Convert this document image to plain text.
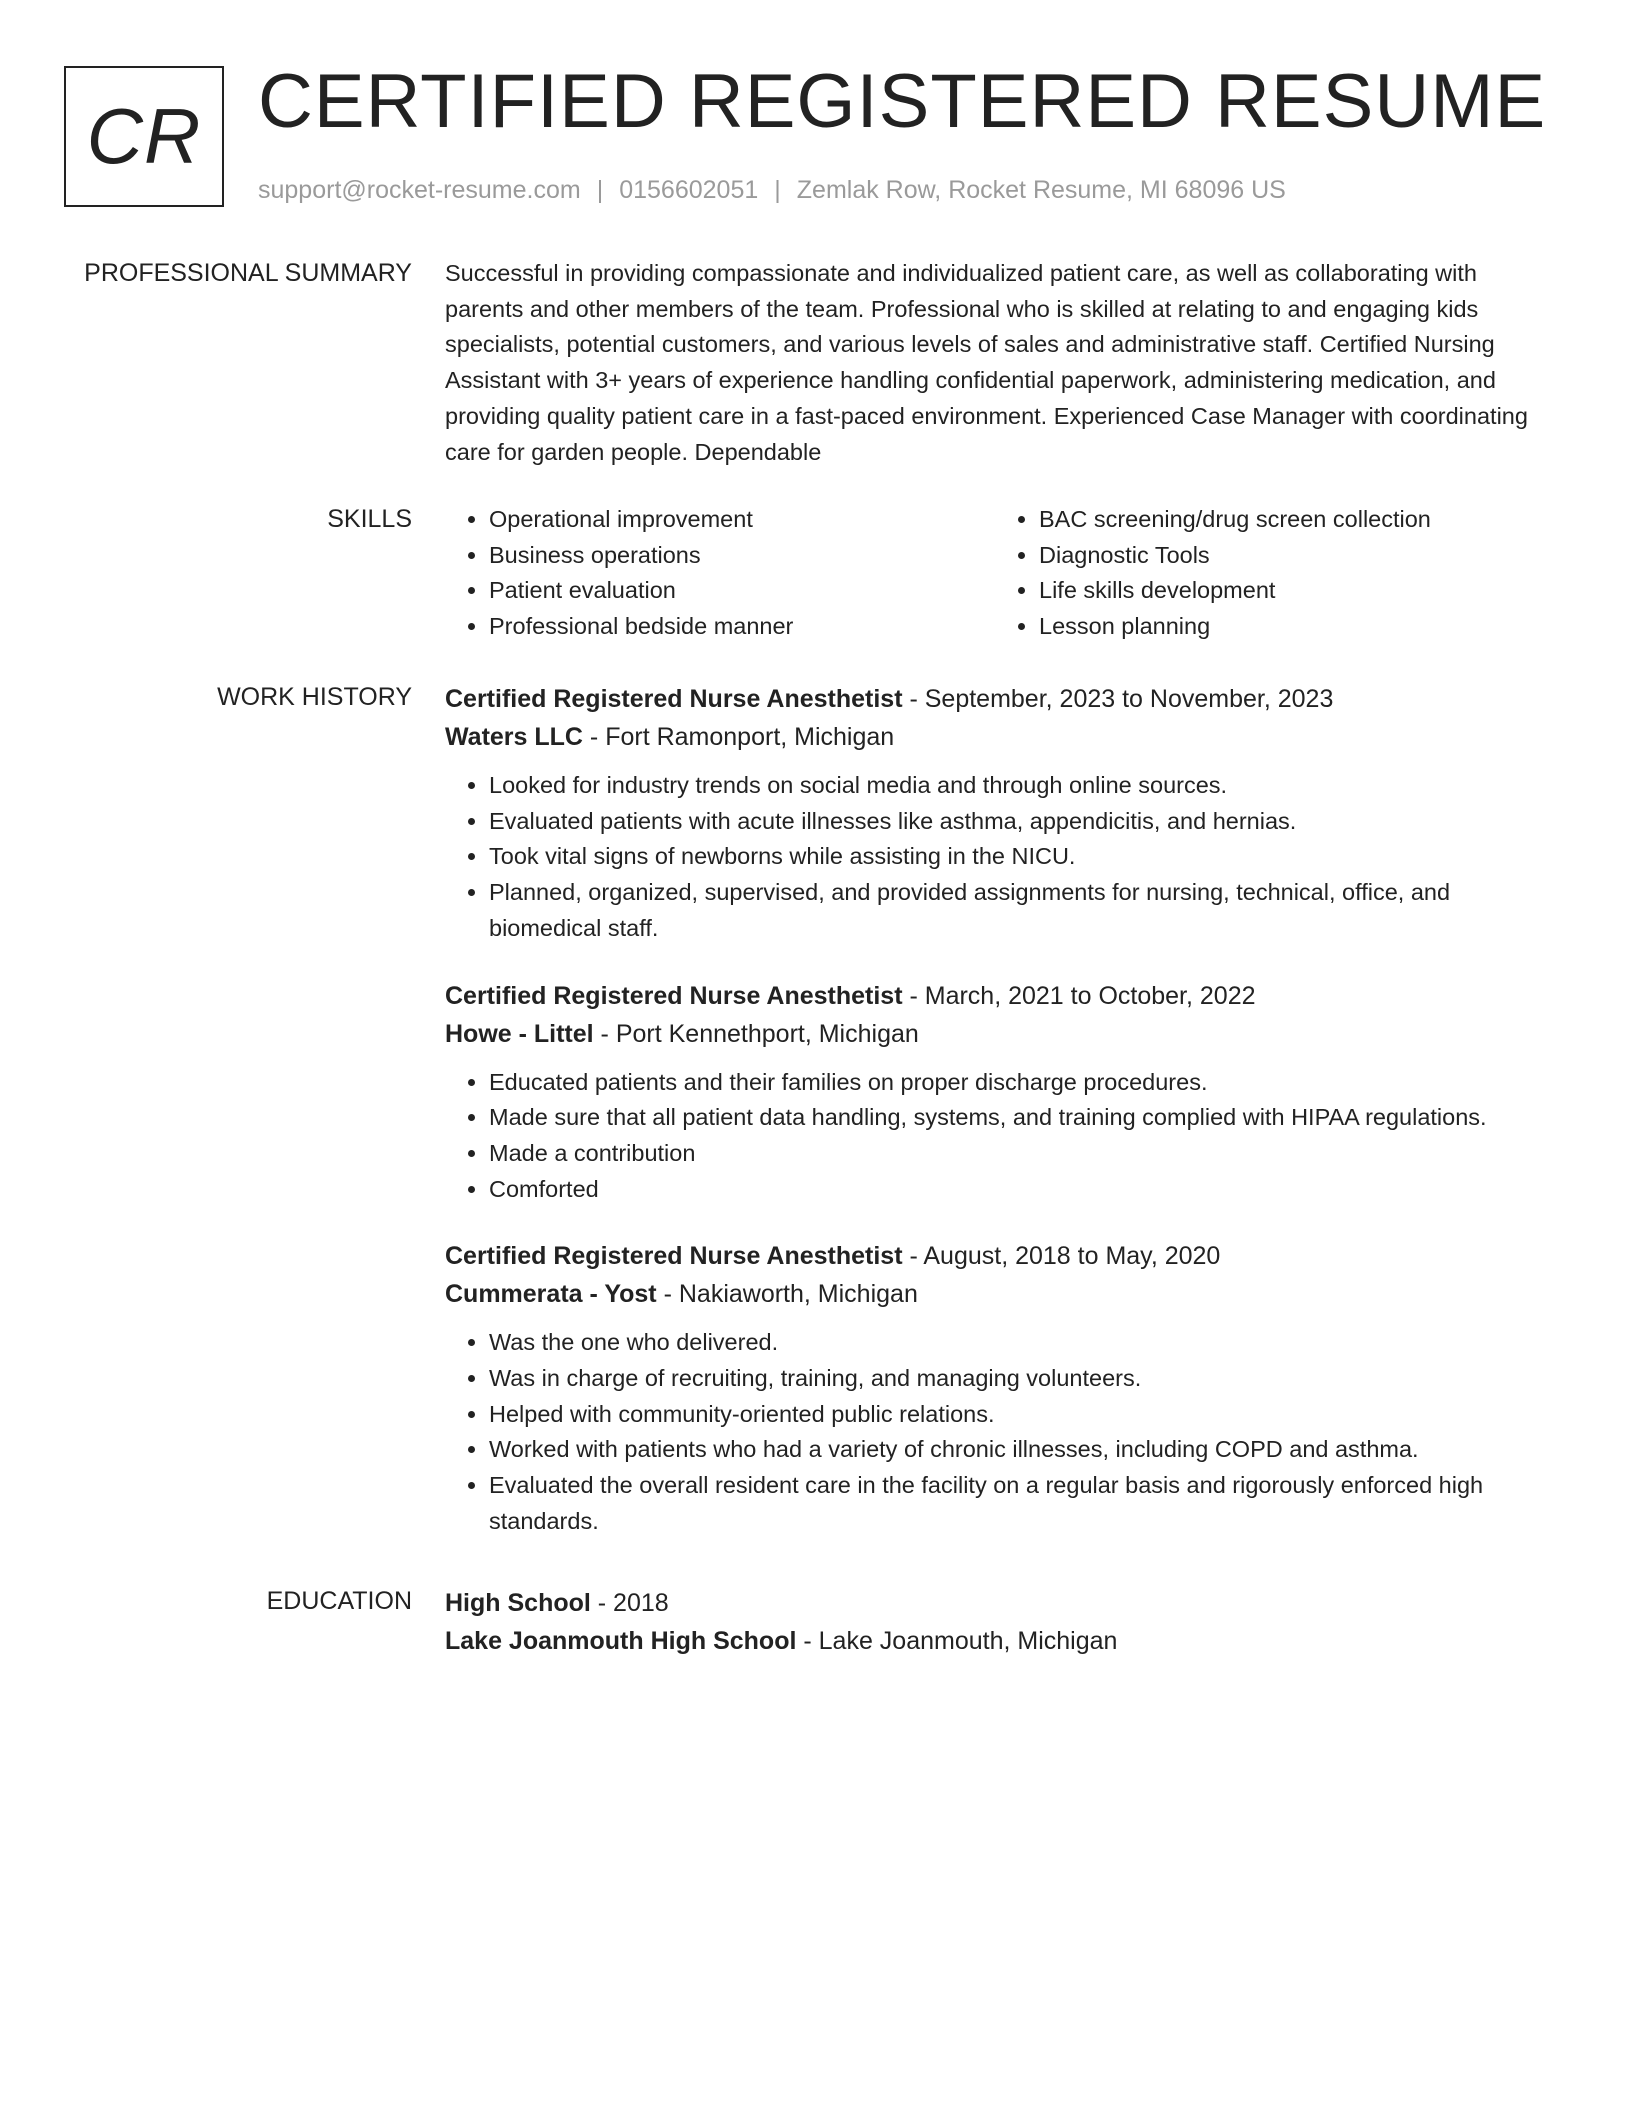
CR CERTIFIED REGISTERED RESUME
support@rocket-resume.com | 0156602051 | Zemlak Row, Rocket Resume, MI 68096 US
PROFESSIONAL SUMMARY Successful in providing compassionate and individualized patient care, as well as collaborating with parents and other members of the team. Professional who is skilled at relating to and engaging kids specialists, potential customers, and various levels of sales and administrative staff. Certified Nursing Assistant with 3+ years of experience handling confidential paperwork, administering medication, and providing quality patient care in a fast-paced environment. Experienced Case Manager with coordinating care for garden people. Dependable

SKILLS
•	Operational improvement
• Business operations
• Patient evaluation
• Professional bedside manner
• BAC screening/drug screen collection
• Diagnostic Tools
• Life skills development
• Lesson planning
WORK HISTORY Certified Registered Nurse Anesthetist - September, 2023 to November, 2023
Waters LLC - Fort Ramonport, Michigan
• Looked for industry trends on social media and through online sources.
• Evaluated patients with acute illnesses like asthma, appendicitis, and hernias.
• Took vital signs of newborns while assisting in the NICU.
• Planned, organized, supervised, and provided assignments for nursing, technical, office, and biomedical staff.
Certified Registered Nurse Anesthetist - March, 2021 to October, 2022
Howe - Littel - Port Kennethport, Michigan
• Educated patients and their families on proper discharge procedures.
• Made sure that all patient data handling, systems, and training complied with HIPAA regulations.
• Made a contribution
• Comforted
Certified Registered Nurse Anesthetist - August, 2018 to May, 2020
Cummerata - Yost - Nakiaworth, Michigan
• Was the one who delivered.
• Was in charge of recruiting, training, and managing volunteers.
• Helped with community-oriented public relations.
• Worked with patients who had a variety of chronic illnesses, including COPD and asthma.
• Evaluated the overall resident care in the facility on a regular basis and rigorously enforced high standards.
EDUCATION High School - 2018
Lake Joanmouth High School - Lake Joanmouth, Michigan
